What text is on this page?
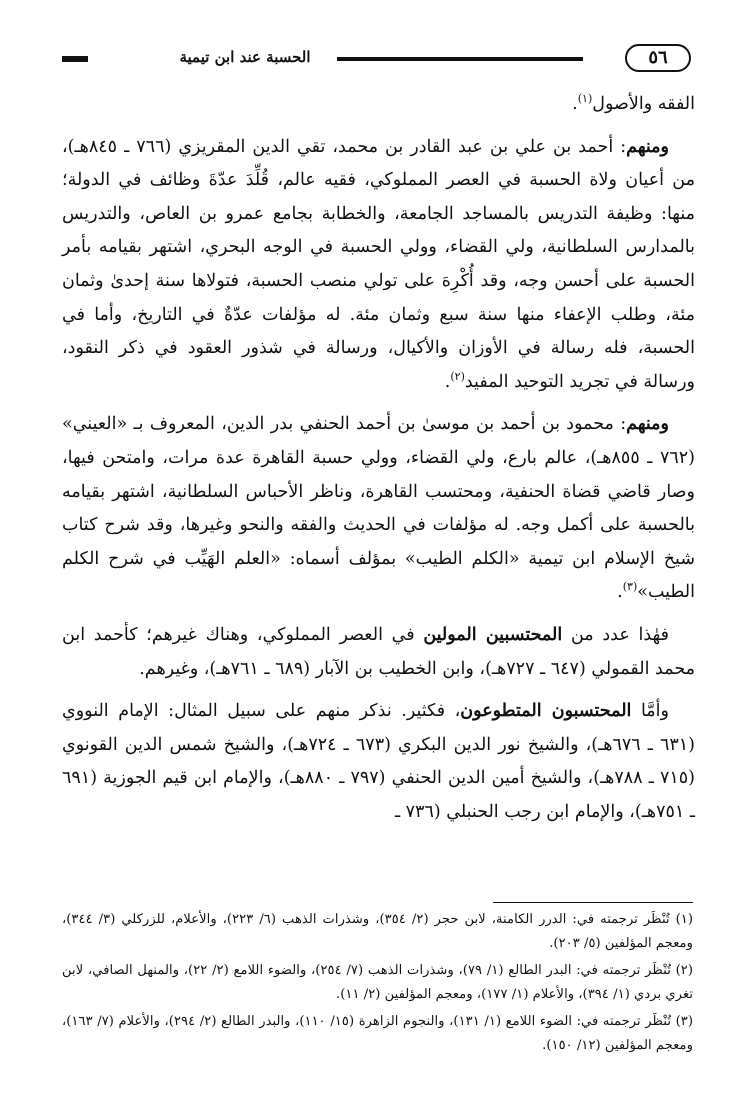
الحسبة عند ابن تيمية	٥٦

الفقه والأصول$^{(١)}$.

ومنهم: أحمد بن علي بن عبد القادر بن محمد، تقي الدين المقريزي (٧٦٦ ـ ٨٤٥هـ)، من أعيان ولاة الحسبة في العصر المملوكي، فقيه عالم، قُلِّدَ عدّةَ وظائف في الدولة؛ منها: وظيفة التدريس بالمساجد الجامعة، والخطابة بجامع عمرو بن العاص، والتدريس بالمدارس السلطانية، ولي القضاء، وولي الحسبة في الوجه البحري، اشتهر بقيامه بأمر الحسبة على أحسن وجه، وقد أُكْرِهَ على تولي منصب الحسبة، فتولاها سنة إحدىٰ وثمان مئة، وطلب الإعفاء منها سنة سبع وثمان مئة. له مؤلفات عدّةٌ في التاريخ، وأما في الحسبة، فله رسالة في الأوزان والأكيال، ورسالة في شذور العقود في ذكر النقود، ورسالة في تجريد التوحيد المفيد$^{(٢)}$.

ومنهم: محمود بن أحمد بن موسىٰ بن أحمد الحنفي بدر الدين، المعروف بـ «العيني» (٧٦٢ ـ ٨٥٥هـ)، عالم بارع، ولي القضاء، وولي حسبة القاهرة عدة مرات، وامتحن فيها، وصار قاضي قضاة الحنفية، ومحتسب القاهرة، وناظر الأحباس السلطانية، اشتهر بقيامه بالحسبة على أكمل وجه. له مؤلفات في الحديث والفقه والنحو وغيرها، وقد شرح كتاب شيخ الإسلام ابن تيمية «الكلم الطيب» بمؤلف أسماه: «العلم الهَيِّب في شرح الكلم الطيب»$^{(٣)}$.

فهٰذا عدد من المحتسبين المولين في العصر المملوكي، وهناك غيرهم؛ كأحمد ابن محمد القمولي (٦٤٧ ـ ٧٢٧هـ)، وابن الخطيب بن الآبار (٦٨٩ ـ ٧٦١هـ)، وغيرهم.

وأمَّا المحتسبون المتطوعون، فكثير. نذكر منهم على سبيل المثال: الإمام النووي (٦٣١ ـ ٦٧٦هـ)، والشيخ نور الدين البكري (٦٧٣ ـ ٧٢٤هـ)، والشيخ شمس الدين القونوي (٧١٥ ـ ٧٨٨هـ)، والشيخ أمين الدين الحنفي (٧٩٧ ـ ٨٨٠هـ)، والإمام ابن قيم الجوزية (٦٩١ ـ ٧٥١هـ)، والإمام ابن رجب الحنبلي (٧٣٦ ـ

(١) تُنْظَر ترجمته في: الدرر الكامنة، لابن حجر (٢/ ٣٥٤)، وشذرات الذهب (٦/ ٢٢٣)، والأعلام، للزركلي (٣/ ٣٤٤)، ومعجم المؤلفين (٥/ ٢٠٣).

(٢) تُنْظَر ترجمته في: البدر الطالع (١/ ٧٩)، وشذرات الذهب (٧/ ٢٥٤)، والضوء اللامع (٢/ ٢٢)، والمنهل الصافي، لابن تغري بردي (١/ ٣٩٤)، والأعلام (١/ ١٧٧)، ومعجم المؤلفين (٢/ ١١).

(٣) تُنْظَر ترجمته في: الضوء اللامع (١/ ١٣١)، والنجوم الزاهرة (١٥/ ١١٠)، والبدر الطالع (٢/ ٢٩٤)، والأعلام (٧/ ١٦٣)، ومعجم المؤلفين (١٢/ ١٥٠).
